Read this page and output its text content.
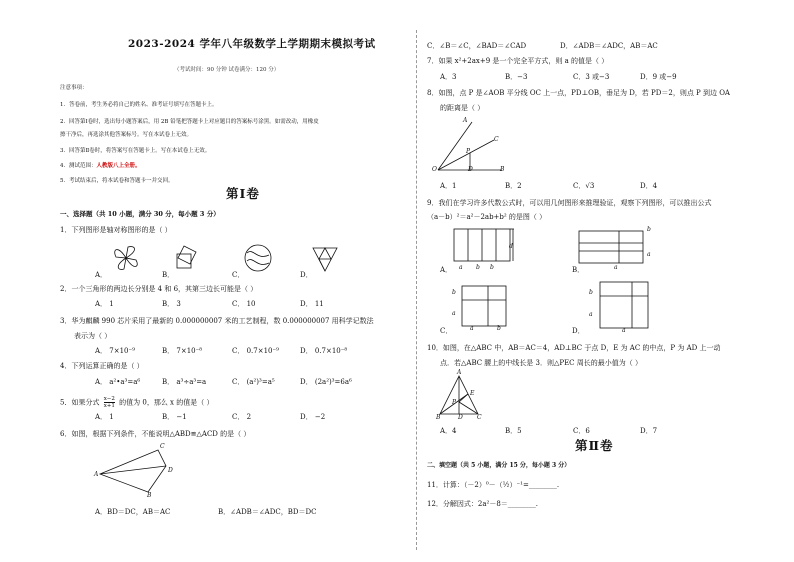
2023-2024 学年八年级数学上学期期末模拟考试
（考试时间：90 分钟 试卷满分：120 分）
注意事项：
1．答卷前，考生务必将自己的姓名、准考证号填写在答题卡上。
2．回答第Ⅰ卷时，选出每小题答案后，用 2B 铅笔把答题卡上对应题目的答案标号涂黑。如需改动，用橡皮
擦干净后，再选涂其他答案标号。写在本试卷上无效。
3．回答第Ⅱ卷时，将答案写在答题卡上。写在本试卷上无效。
4．测试范围：人教版八上全册。
5．考试结束后，将本试卷和答题卡一并交回。
第Ⅰ卷
一、选择题（共 10 小题，满分 30 分，每小题 3 分）
1．下列图形是轴对称图形的是（ ）
A．	B．	C．	D．
2．一个三角形的两边长分别是 4 和 6，其第三边长可能是（ ）
A． 1	B． 3	C． 10	D． 11
3．华为麒麟 990 芯片采用了最新的 0.000000007 米的工艺制程，数 0.000000007 用科学记数法
表示为（ ）
A． 7×10⁻⁹	B． 7×10⁻⁸	C． 0.7×10⁻⁹	D． 0.7×10⁻⁸
4．下列运算正确的是（ ）
A． a²•a³=a⁶	B． a³÷a³=a	C． (a²)³=a⁵	D． (2a²)³=6a⁶
5．如果分式 $\frac{x-2}{x+1}$ 的值为 0，那么 x 的值是（ ）
A． 1	B． −1	C． 2	D． −2
6．如图，根据下列条件，不能说明△ABD≌△ACD 的是（ ）
A
C
D
B
A．BD＝DC，AB＝AC	B．∠ADB＝∠ADC，BD＝DC
C．∠B＝∠C，∠BAD＝∠CAD	D．∠ADB＝∠ADC，AB＝AC
7．如果 x²+2ax+9 是一个完全平方式，则 a 的值是（ ）
A．3	B．−3	C．3 或−3	D．9 或−9
8．如图，点 P 是∠AOB 平分线 OC 上一点，PD⊥OB，垂足为 D，若 PD＝2，则点 P 到边 OA
的距离是（ ）
A
C
P
O	D	B
A．1	B．2	C．√3	D．4
9．我们在学习许多代数公式时，可以用几何图形来推理验证，观察下列图形，可以推出公式
（a－b）²＝a²－2ab+b² 的是图（ ）
d
a b b
b
a
a
A．	B．
b
a
a	b
b
a
a
C．	D．
10．如图，在△ABC 中，AB＝AC＝4，AD⊥BC 于点 D，E 为 AC 的中点，P 为 AD 上一动
点．若△ABC 腰上的中线长是 3．则△PEC 周长的最小值为（ ）
A
E
P
B	D C
A．4	B．5	C．6	D．7
第Ⅱ卷
二、填空题（共 5 小题，满分 15 分，每小题 3 分）
11．计算：（－2）⁰－（½）⁻¹=________.
12．分解因式：2a²－8＝________.
